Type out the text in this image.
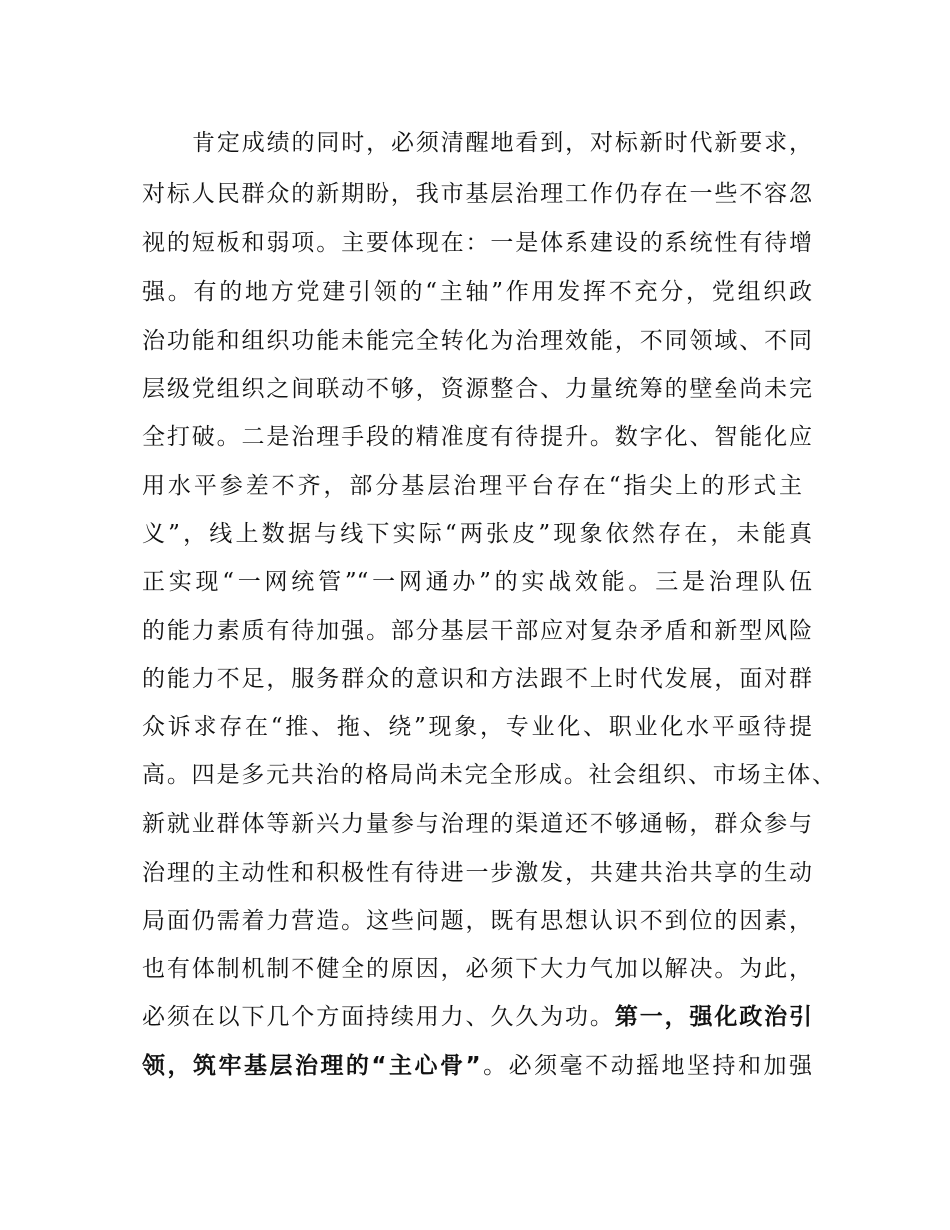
肯定成绩的同时，必须清醒地看到，对标新时代新要求，
对标人民群众的新期盼，我市基层治理工作仍存在一些不容忽
视的短板和弱项。主要体现在：一是体系建设的系统性有待增
强。有的地方党建引领的“主轴”作用发挥不充分，党组织政
治功能和组织功能未能完全转化为治理效能，不同领域、不同
层级党组织之间联动不够，资源整合、力量统筹的壁垒尚未完
全打破。二是治理手段的精准度有待提升。数字化、智能化应
用水平参差不齐，部分基层治理平台存在“指尖上的形式主
义”，线上数据与线下实际“两张皮”现象依然存在，未能真
正实现“一网统管”“一网通办”的实战效能。三是治理队伍
的能力素质有待加强。部分基层干部应对复杂矛盾和新型风险
的能力不足，服务群众的意识和方法跟不上时代发展，面对群
众诉求存在“推、拖、绕”现象，专业化、职业化水平亟待提
高。四是多元共治的格局尚未完全形成。社会组织、市场主体、
新就业群体等新兴力量参与治理的渠道还不够通畅，群众参与
治理的主动性和积极性有待进一步激发，共建共治共享的生动
局面仍需着力营造。这些问题，既有思想认识不到位的因素，
也有体制机制不健全的原因，必须下大力气加以解决。为此，
必须在以下几个方面持续用力、久久为功。第一，强化政治引
领，筑牢基层治理的“主心骨”。必须毫不动摇地坚持和加强
